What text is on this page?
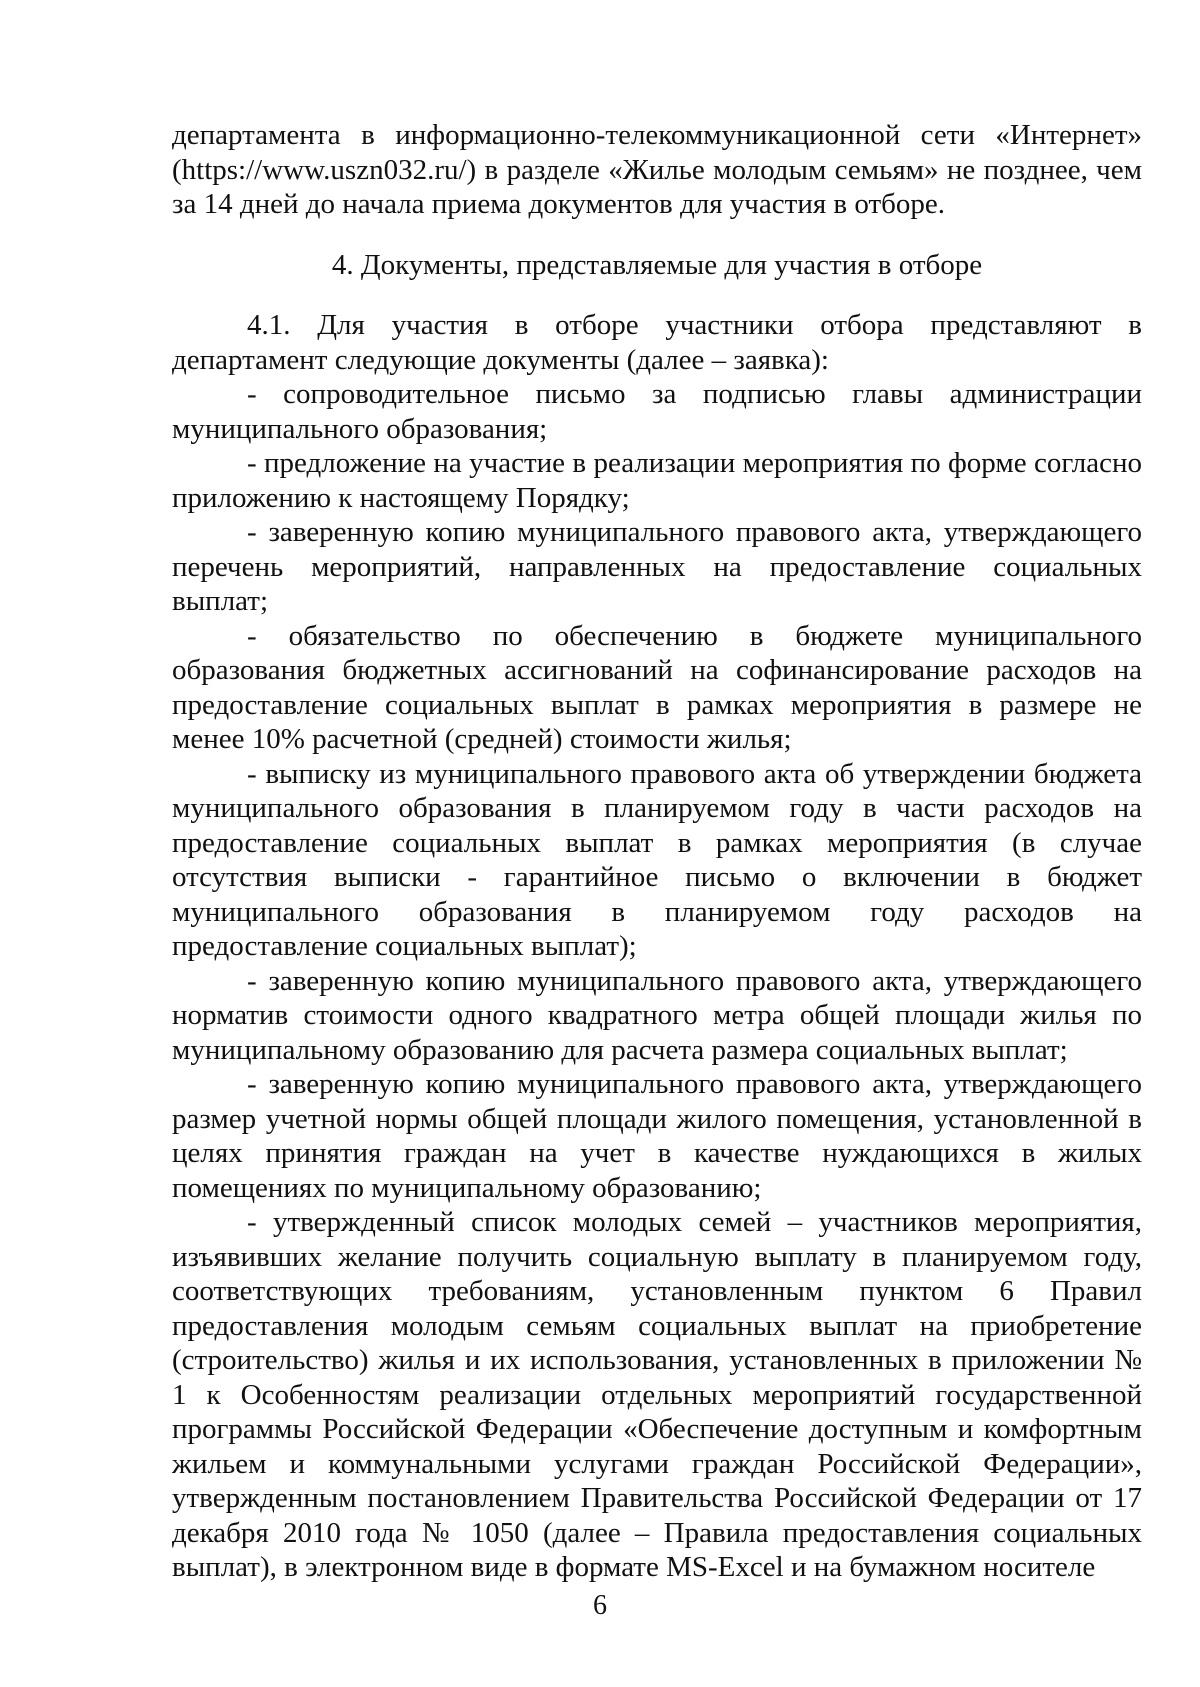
департамента в информационно-телекоммуникационной сети «Интернет» (https://www.uszn032.ru/) в разделе «Жилье молодым семьям» не позднее, чем за 14 дней до начала приема документов для участия в отборе.

4. Документы, представляемые для участия в отборе

4.1. Для участия в отборе участники отбора представляют в департамент следующие документы (далее – заявка):

- сопроводительное письмо за подписью главы администрации муниципального образования;

- предложение на участие в реализации мероприятия по форме согласно приложению к настоящему Порядку;

- заверенную копию муниципального правового акта, утверждающего перечень мероприятий, направленных на предоставление социальных выплат;

- обязательство по обеспечению в бюджете муниципального образования бюджетных ассигнований на софинансирование расходов на предоставление социальных выплат в рамках мероприятия в размере не менее 10% расчетной (средней) стоимости жилья;

- выписку из муниципального правового акта об утверждении бюджета муниципального образования в планируемом году в части расходов на предоставление социальных выплат в рамках мероприятия (в случае отсутствия выписки - гарантийное письмо о включении в бюджет муниципального образования в планируемом году расходов на предоставление социальных выплат);

- заверенную копию муниципального правового акта, утверждающего норматив стоимости одного квадратного метра общей площади жилья по муниципальному образованию для расчета размера социальных выплат;

- заверенную копию муниципального правового акта, утверждающего размер учетной нормы общей площади жилого помещения, установленной в целях принятия граждан на учет в качестве нуждающихся в жилых помещениях по муниципальному образованию;

- утвержденный список молодых семей – участников мероприятия, изъявивших желание получить социальную выплату в планируемом году, соответствующих требованиям, установленным пунктом 6 Правил предоставления молодым семьям социальных выплат на приобретение (строительство) жилья и их использования, установленных в приложении № 1 к Особенностям реализации отдельных мероприятий государственной программы Российской Федерации «Обеспечение доступным и комфортным жильем и коммунальными услугами граждан Российской Федерации», утвержденным постановлением Правительства Российской Федерации от 17 декабря 2010 года № 1050 (далее – Правила предоставления социальных выплат), в электронном виде в формате MS-Excel и на бумажном носителе

6
